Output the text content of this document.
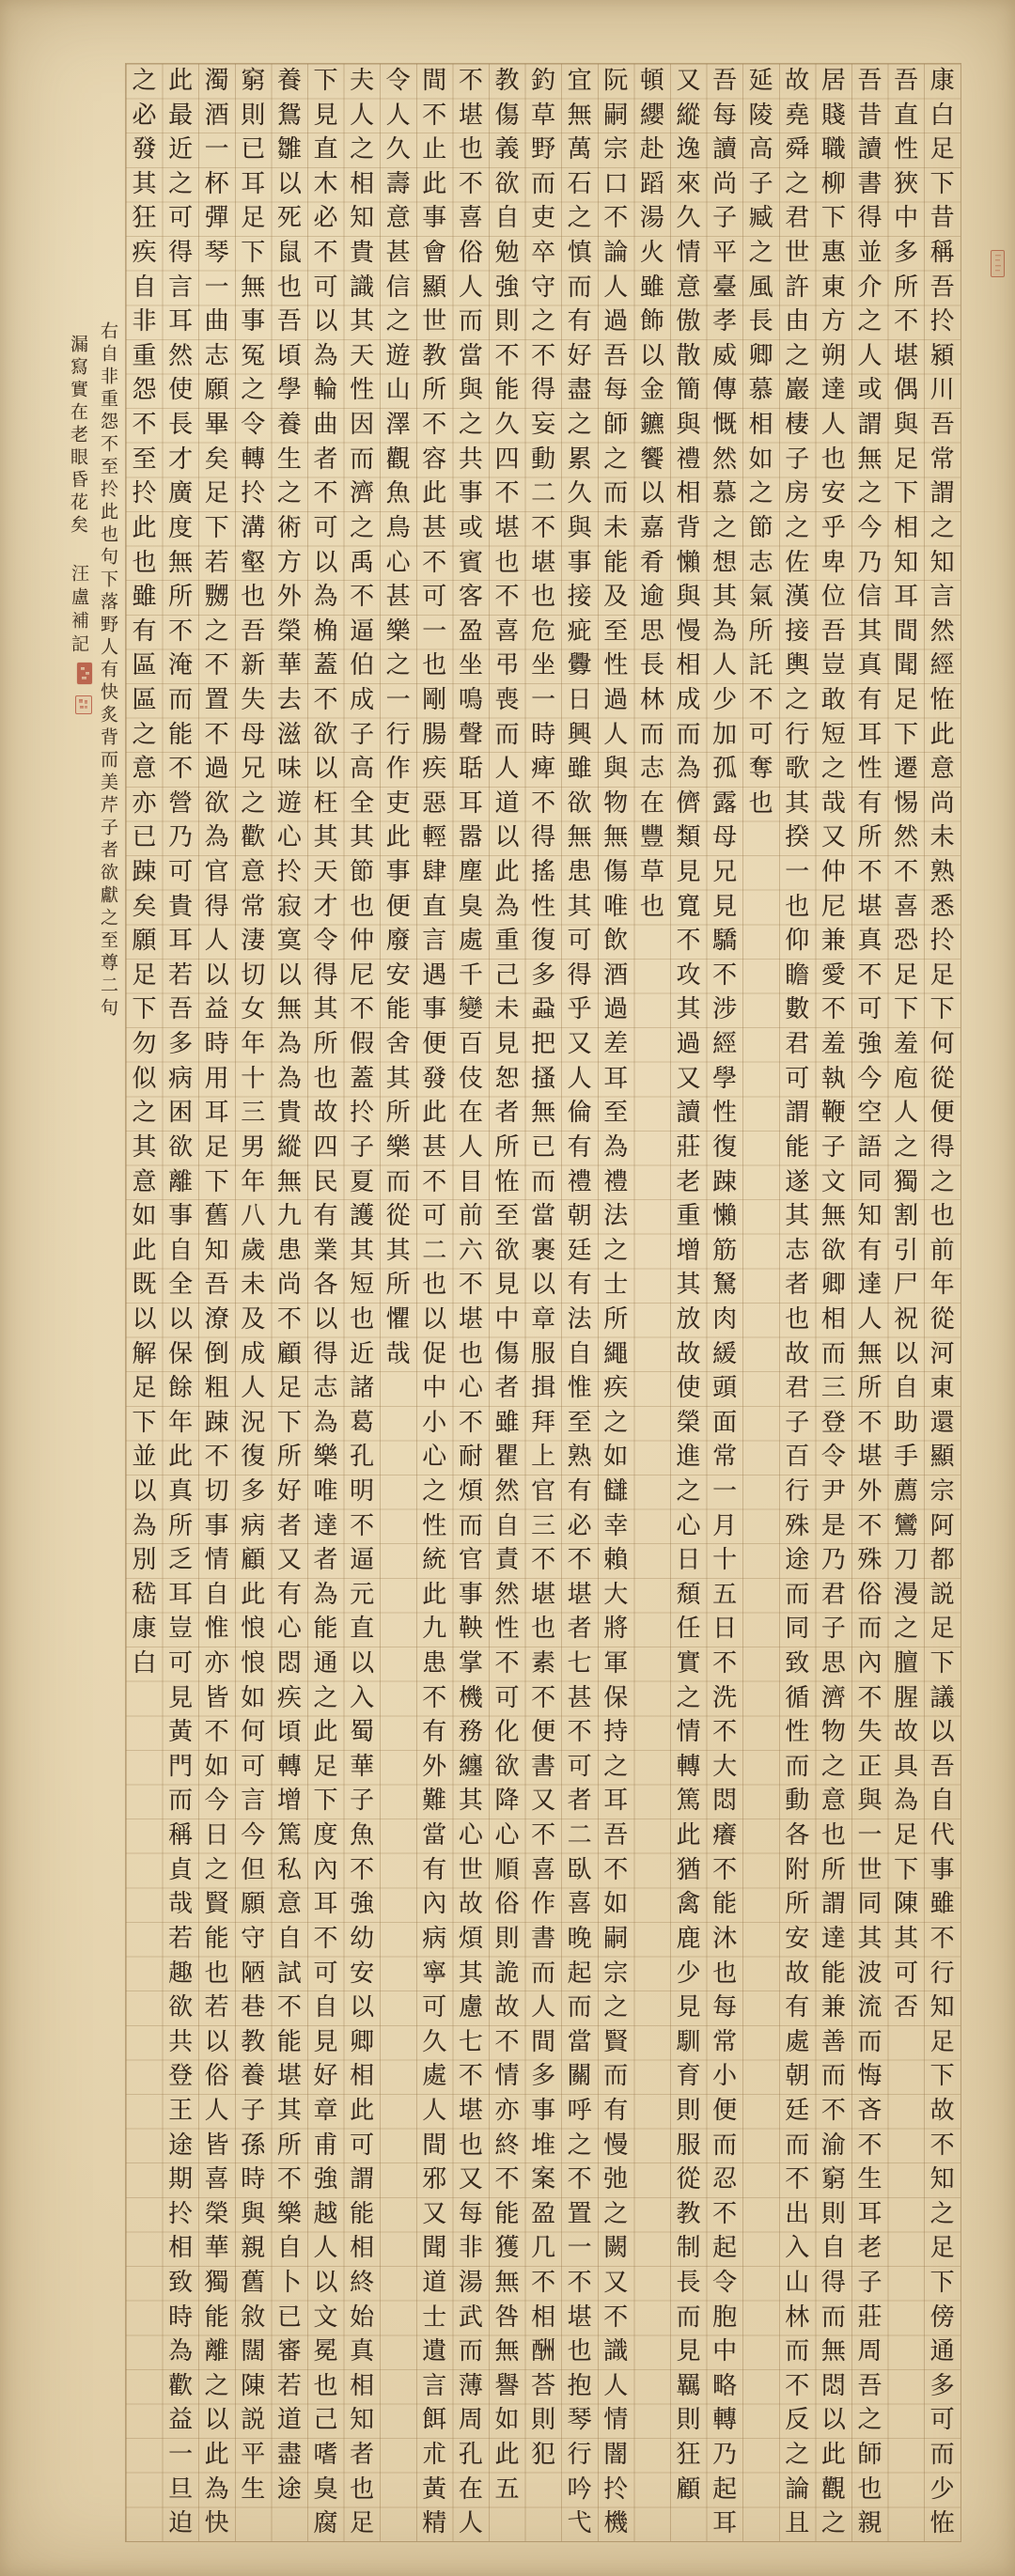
康
白
足
下
昔
稱
吾
扵
潁
川
吾
常
謂
之
知
言
然
經
恠
此
意
尚
未
熟
悉
扵
足
下
何
從
便
得
之
也
前
年
從
河
東
還
顯
宗
阿
都
説
足
下
議
以
吾
自
代
事
雖
不
行
知
足
下
故
不
知
之
足
下
傍
通
多
可
而
少
恠
吾
直
性
狹
中
多
所
不
堪
偶
與
足
下
相
知
耳
間
聞
足
下
遷
惕
然
不
喜
恐
足
下
羞
庖
人
之
獨
割
引
尸
祝
以
自
助
手
薦
鸞
刀
漫
之
膻
腥
故
具
為
足
下
陳
其
可
否
吾
昔
讀
書
得
並
介
之
人
或
謂
無
之
今
乃
信
其
真
有
耳
性
有
所
不
堪
真
不
可
強
今
空
語
同
知
有
達
人
無
所
不
堪
外
不
殊
俗
而
內
不
失
正
與
一
世
同
其
波
流
而
悔
吝
不
生
耳
老
子
莊
周
吾
之
師
也
親
居
賤
職
柳
下
惠
東
方
朔
達
人
也
安
乎
卑
位
吾
豈
敢
短
之
哉
又
仲
尼
兼
愛
不
羞
執
鞭
子
文
無
欲
卿
相
而
三
登
令
尹
是
乃
君
子
思
濟
物
之
意
也
所
謂
達
能
兼
善
而
不
渝
窮
則
自
得
而
無
悶
以
此
觀
之
故
堯
舜
之
君
世
許
由
之
巖
棲
子
房
之
佐
漢
接
輿
之
行
歌
其
揆
一
也
仰
瞻
數
君
可
謂
能
遂
其
志
者
也
故
君
子
百
行
殊
途
而
同
致
循
性
而
動
各
附
所
安
故
有
處
朝
廷
而
不
出
入
山
林
而
不
反
之
論
且
延
陵
高
子
臧
之
風
長
卿
慕
相
如
之
節
志
氣
所
託
不
可
奪
也
吾
每
讀
尚
子
平
臺
孝
威
傳
慨
然
慕
之
想
其
為
人
少
加
孤
露
母
兄
見
驕
不
涉
經
學
性
復
踈
懶
筋
駑
肉
緩
頭
面
常
一
月
十
五
日
不
洗
不
大
悶
癢
不
能
沐
也
每
常
小
便
而
忍
不
起
令
胞
中
略
轉
乃
起
耳
又
縱
逸
來
久
情
意
傲
散
簡
與
禮
相
背
懶
與
慢
相
成
而
為
儕
類
見
寬
不
攻
其
過
又
讀
莊
老
重
增
其
放
故
使
榮
進
之
心
日
頹
任
實
之
情
轉
篤
此
猶
禽
鹿
少
見
馴
育
則
服
從
教
制
長
而
見
羈
則
狂
顧
頓
纓
赴
蹈
湯
火
雖
飾
以
金
鑣
饗
以
嘉
肴
逾
思
長
林
而
志
在
豐
草
也
阮
嗣
宗
口
不
論
人
過
吾
每
師
之
而
未
能
及
至
性
過
人
與
物
無
傷
唯
飲
酒
過
差
耳
至
為
禮
法
之
士
所
繩
疾
之
如
讎
幸
賴
大
將
軍
保
持
之
耳
吾
不
如
嗣
宗
之
賢
而
有
慢
弛
之
闕
又
不
識
人
情
闇
扵
機
宜
無
萬
石
之
慎
而
有
好
盡
之
累
久
與
事
接
疵
釁
日
興
雖
欲
無
患
其
可
得
乎
又
人
倫
有
禮
朝
廷
有
法
自
惟
至
熟
有
必
不
堪
者
七
甚
不
可
者
二
臥
喜
晚
起
而
當
關
呼
之
不
置
一
不
堪
也
抱
琴
行
吟
弋
釣
草
野
而
吏
卒
守
之
不
得
妄
動
二
不
堪
也
危
坐
一
時
痺
不
得
搖
性
復
多
蝨
把
搔
無
已
而
當
裹
以
章
服
揖
拜
上
官
三
不
堪
也
素
不
便
書
又
不
喜
作
書
而
人
間
多
事
堆
案
盈
几
不
相
酬
荅
則
犯
教
傷
義
欲
自
勉
強
則
不
能
久
四
不
堪
也
不
喜
弔
喪
而
人
道
以
此
為
重
己
未
見
恕
者
所
恠
至
欲
見
中
傷
者
雖
瞿
然
自
責
然
性
不
可
化
欲
降
心
順
俗
則
詭
故
不
情
亦
終
不
能
獲
無
咎
無
譽
如
此
五
不
堪
也
不
喜
俗
人
而
當
與
之
共
事
或
賓
客
盈
坐
鳴
聲
聒
耳
嚣
塵
臭
處
千
變
百
伎
在
人
目
前
六
不
堪
也
心
不
耐
煩
而
官
事
鞅
掌
機
務
纏
其
心
世
故
煩
其
慮
七
不
堪
也
又
每
非
湯
武
而
薄
周
孔
在
人
間
不
止
此
事
會
顯
世
教
所
不
容
此
甚
不
可
一
也
剛
腸
疾
惡
輕
肆
直
言
遇
事
便
發
此
甚
不
可
二
也
以
促
中
小
心
之
性
統
此
九
患
不
有
外
難
當
有
內
病
寧
可
久
處
人
間
邪
又
聞
道
士
遺
言
餌
朮
黃
精
令
人
久
壽
意
甚
信
之
遊
山
澤
觀
魚
鳥
心
甚
樂
之
一
行
作
吏
此
事
便
廢
安
能
舍
其
所
樂
而
從
其
所
懼
哉
夫
人
之
相
知
貴
識
其
天
性
因
而
濟
之
禹
不
逼
伯
成
子
高
全
其
節
也
仲
尼
不
假
蓋
扵
子
夏
護
其
短
也
近
諸
葛
孔
明
不
逼
元
直
以
入
蜀
華
子
魚
不
強
幼
安
以
卿
相
此
可
謂
能
相
終
始
真
相
知
者
也
足
下
見
直
木
必
不
可
以
為
輪
曲
者
不
可
以
為
桷
蓋
不
欲
以
枉
其
天
才
令
得
其
所
也
故
四
民
有
業
各
以
得
志
為
樂
唯
達
者
為
能
通
之
此
足
下
度
內
耳
不
可
自
見
好
章
甫
強
越
人
以
文
冕
也
己
嗜
臭
腐
養
鴛
雛
以
死
鼠
也
吾
頃
學
養
生
之
術
方
外
榮
華
去
滋
味
遊
心
扵
寂
寞
以
無
為
為
貴
縱
無
九
患
尚
不
顧
足
下
所
好
者
又
有
心
悶
疾
頃
轉
增
篤
私
意
自
試
不
能
堪
其
所
不
樂
自
卜
已
審
若
道
盡
途
窮
則
已
耳
足
下
無
事
冤
之
令
轉
扵
溝
壑
也
吾
新
失
母
兄
之
歡
意
常
淒
切
女
年
十
三
男
年
八
歲
未
及
成
人
況
復
多
病
顧
此
悢
悢
如
何
可
言
今
但
願
守
陋
巷
教
養
子
孫
時
與
親
舊
敘
闊
陳
説
平
生
濁
酒
一
杯
彈
琴
一
曲
志
願
畢
矣
足
下
若
嬲
之
不
置
不
過
欲
為
官
得
人
以
益
時
用
耳
足
下
舊
知
吾
潦
倒
粗
踈
不
切
事
情
自
惟
亦
皆
不
如
今
日
之
賢
能
也
若
以
俗
人
皆
喜
榮
華
獨
能
離
之
以
此
為
快
此
最
近
之
可
得
言
耳
然
使
長
才
廣
度
無
所
不
淹
而
能
不
營
乃
可
貴
耳
若
吾
多
病
困
欲
離
事
自
全
以
保
餘
年
此
真
所
乏
耳
豈
可
見
黃
門
而
稱
貞
哉
若
趣
欲
共
登
王
途
期
扵
相
致
時
為
歡
益
一
旦
迫
之
必
發
其
狂
疾
自
非
重
怨
不
至
扵
此
也
雖
有
區
區
之
意
亦
已
踈
矣
願
足
下
勿
似
之
其
意
如
此
既
以
解
足
下
並
以
為
別
嵇
康
白
右自非重怨不至扵此也句下落野人有快炙背而美芹子者欲獻之至尊二句
漏寫實在老眼昏花矣
汪盧補記
